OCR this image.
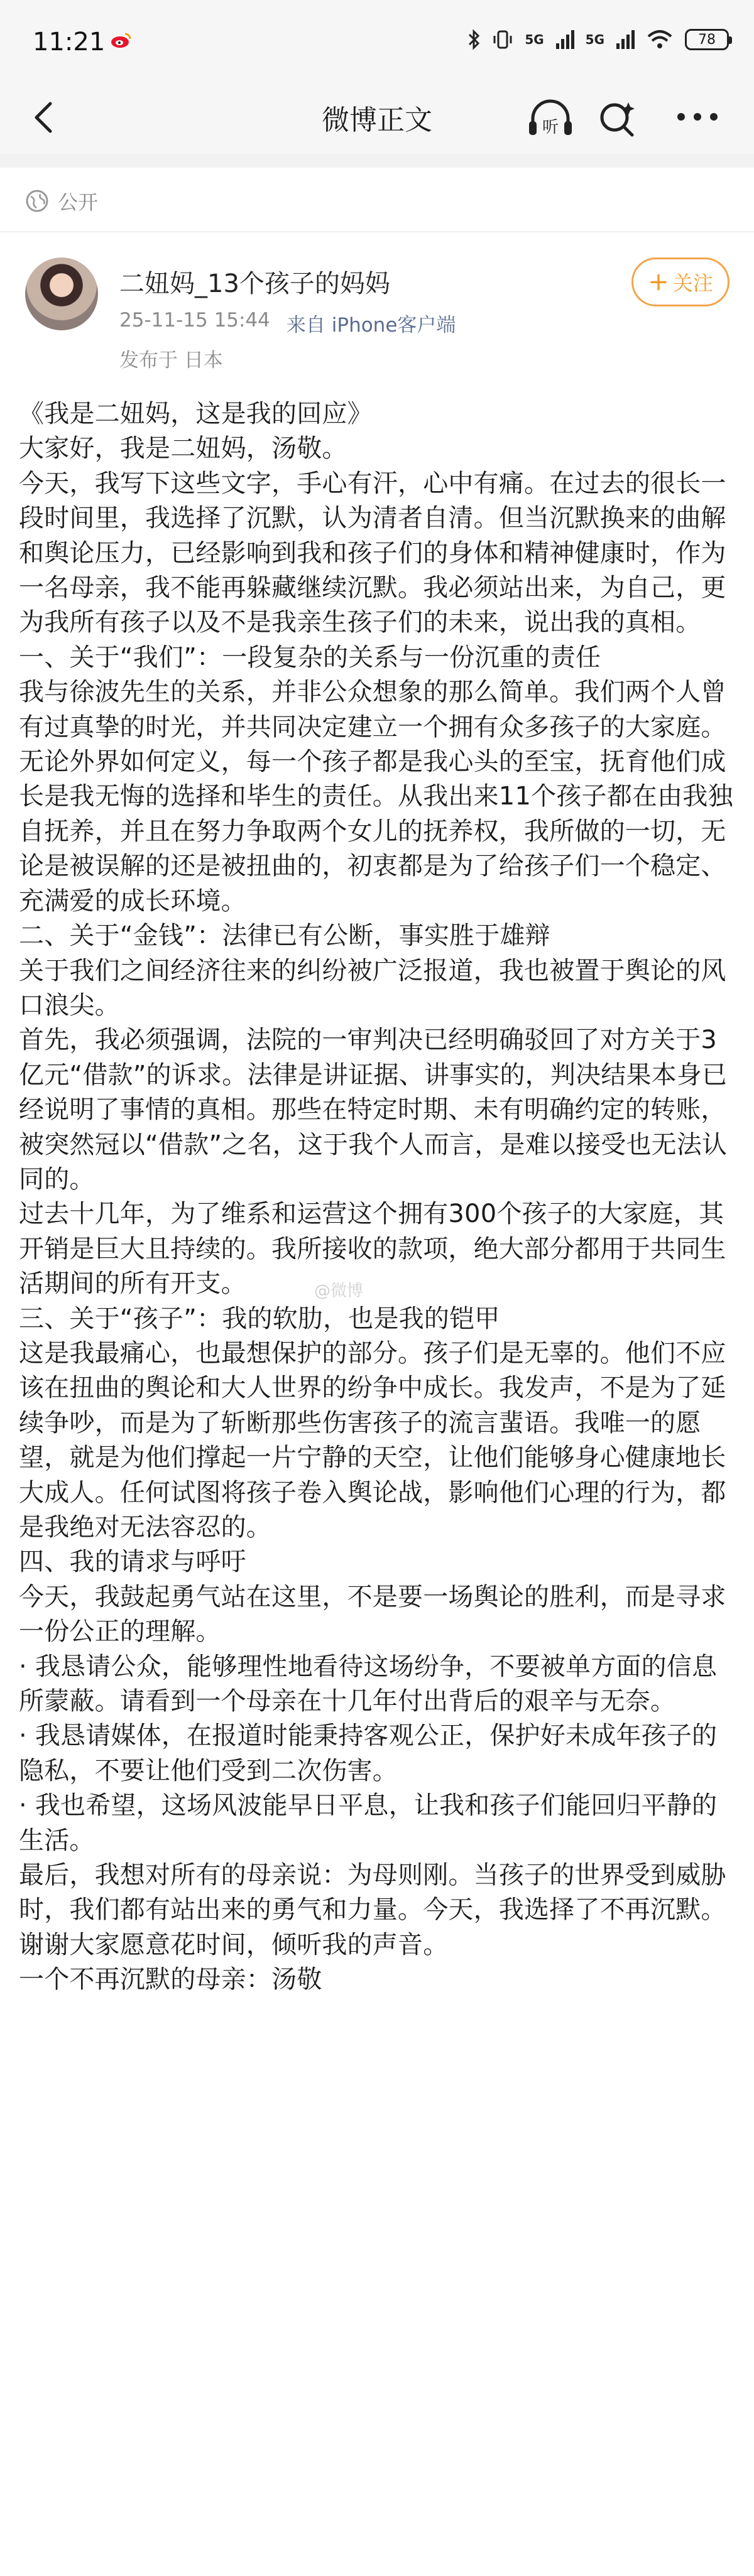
11:21	5G	5G	78
微博正文	听
公开
二妞妈_13个孩子的妈妈
25-11-15 15:44 来自 iPhone客户端
发布于 日本
+ 关注

《我是二妞妈，这是我的回应》

大家好，我是二妞妈，汤敬。

今天，我写下这些文字，手心有汗，心中有痛。在过去的很长一段时间里，我选择了沉默，认为清者自清。但当沉默换来的曲解和舆论压力，已经影响到我和孩子们的身体和精神健康时，作为一名母亲，我不能再躲藏继续沉默。我必须站出来，为自己，更为我所有孩子以及不是我亲生孩子们的未来，说出我的真相。

一、关于“我们”：一段复杂的关系与一份沉重的责任

我与徐波先生的关系，并非公众想象的那么简单。我们两个人曾有过真挚的时光，并共同决定建立一个拥有众多孩子的大家庭。无论外界如何定义，每一个孩子都是我心头的至宝，抚育他们成长是我无悔的选择和毕生的责任。从我出来11个孩子都在由我独自抚养，并且在努力争取两个女儿的抚养权，我所做的一切，无论是被误解的还是被扭曲的，初衷都是为了给孩子们一个稳定、充满爱的成长环境。

二、关于“金钱”：法律已有公断，事实胜于雄辩

关于我们之间经济往来的纠纷被广泛报道，我也被置于舆论的风口浪尖。

首先，我必须强调，法院的一审判决已经明确驳回了对方关于3亿元“借款”的诉求。法律是讲证据、讲事实的，判决结果本身已经说明了事情的真相。那些在特定时期、未有明确约定的转账，被突然冠以“借款”之名，这于我个人而言，是难以接受也无法认同的。

过去十几年，为了维系和运营这个拥有300个孩子的大家庭，其开销是巨大且持续的。我所接收的款项，绝大部分都用于共同生活期间的所有开支。

三、关于“孩子”：我的软肋，也是我的铠甲

这是我最痛心，也最想保护的部分。孩子们是无辜的。他们不应该在扭曲的舆论和大人世界的纷争中成长。我发声，不是为了延续争吵，而是为了斩断那些伤害孩子的流言蜚语。我唯一的愿望，就是为他们撑起一片宁静的天空，让他们能够身心健康地长大成人。任何试图将孩子卷入舆论战，影响他们心理的行为，都是我绝对无法容忍的。

四、我的请求与呼吁

今天，我鼓起勇气站在这里，不是要一场舆论的胜利，而是寻求一份公正的理解。

· 我恳请公众，能够理性地看待这场纷争，不要被单方面的信息所蒙蔽。请看到一个母亲在十几年付出背后的艰辛与无奈。

· 我恳请媒体，在报道时能秉持客观公正，保护好未成年孩子的隐私，不要让他们受到二次伤害。

· 我也希望，这场风波能早日平息，让我和孩子们能回归平静的生活。

最后，我想对所有的母亲说：为母则刚。当孩子的世界受到威胁时，我们都有站出来的勇气和力量。今天，我选择了不再沉默。

谢谢大家愿意花时间，倾听我的声音。

一个不再沉默的母亲：汤敬

@微博
